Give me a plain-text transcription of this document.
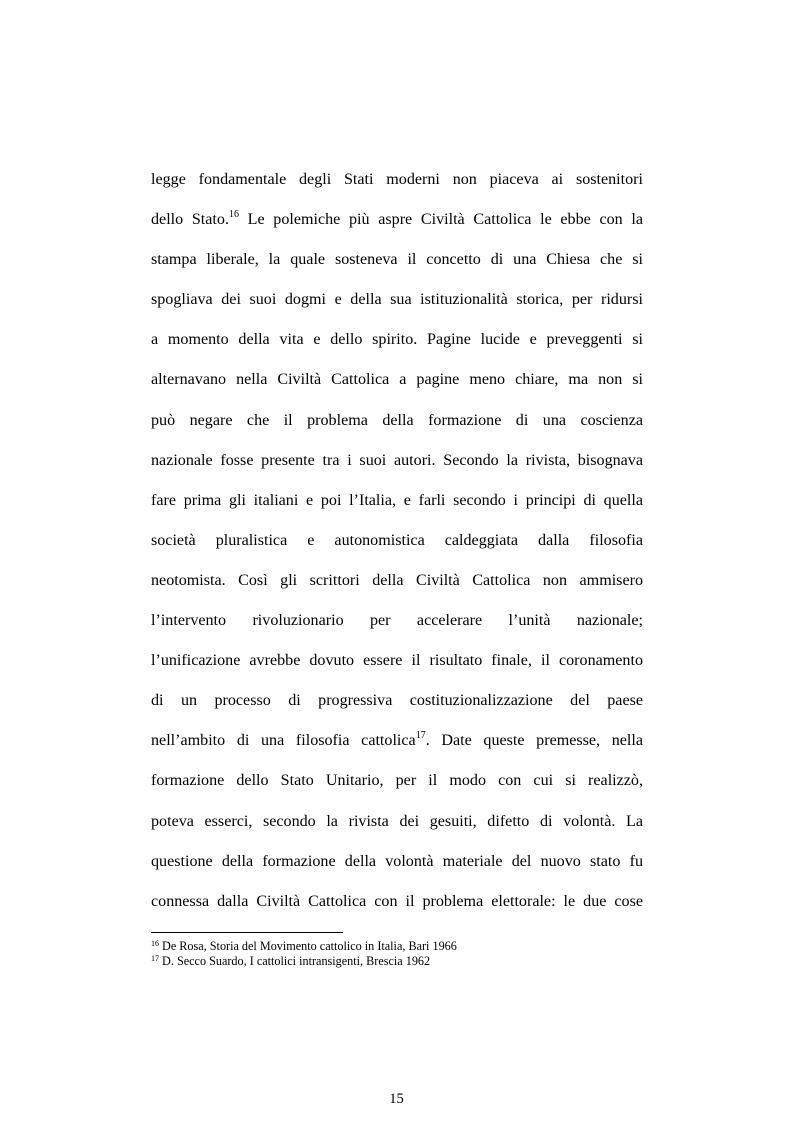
legge fondamentale degli Stati moderni non piaceva ai sostenitori
dello Stato.$^{16}$ Le polemiche più aspre Civiltà Cattolica le ebbe con la
stampa liberale, la quale sosteneva il concetto di una Chiesa che si
spogliava dei suoi dogmi e della sua istituzionalità storica, per ridursi
a momento della vita e dello spirito. Pagine lucide e preveggenti si
alternavano nella Civiltà Cattolica a pagine meno chiare, ma non si
può negare che il problema della formazione di una coscienza
nazionale fosse presente tra i suoi autori. Secondo la rivista, bisognava
fare prima gli italiani e poi l’Italia, e farli secondo i principi di quella
società pluralistica e autonomistica caldeggiata dalla filosofia
neotomista. Così gli scrittori della Civiltà Cattolica non ammisero
l’intervento rivoluzionario per accelerare l’unità nazionale;
l’unificazione avrebbe dovuto essere il risultato finale, il coronamento
di un processo di progressiva costituzionalizzazione del paese
nell’ambito di una filosofia cattolica$^{17}$. Date queste premesse, nella
formazione dello Stato Unitario, per il modo con cui si realizzò,
poteva esserci, secondo la rivista dei gesuiti, difetto di volontà. La
questione della formazione della volontà materiale del nuovo stato fu
connessa dalla Civiltà Cattolica con il problema elettorale: le due cose
$^{16}$ De Rosa, Storia del Movimento cattolico in Italia, Bari 1966
$^{17}$ D. Secco Suardo, I cattolici intransigenti, Brescia 1962
15
